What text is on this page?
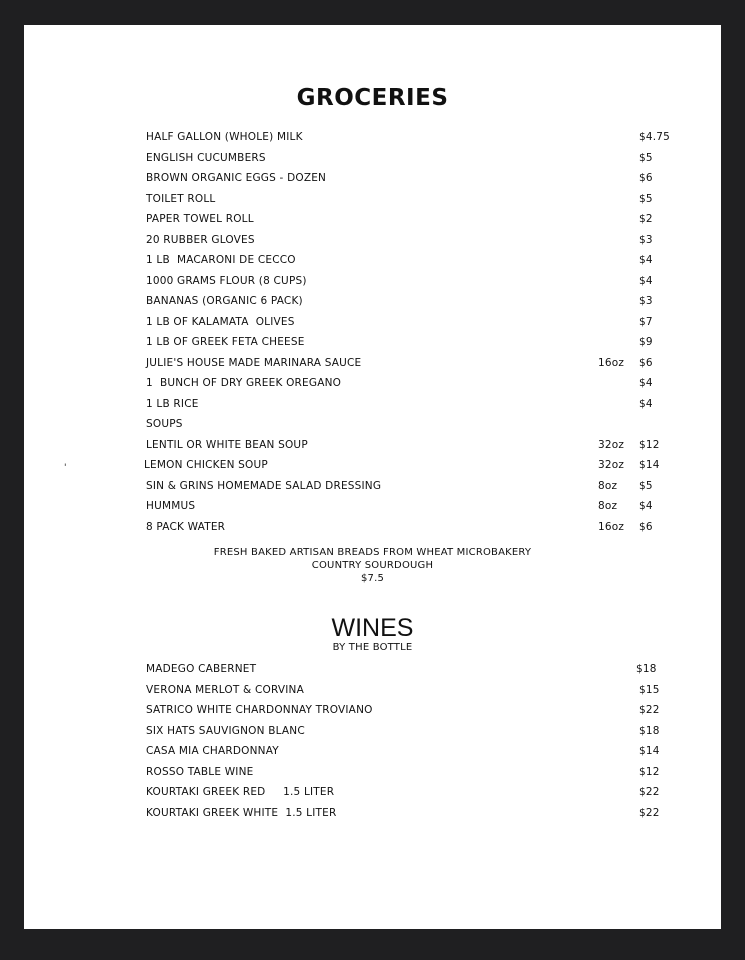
GROCERIES
HALF GALLON (WHOLE) MILK	$4.75
ENGLISH CUCUMBERS	$5
BROWN ORGANIC EGGS - DOZEN	$6
TOILET ROLL	$5
PAPER TOWEL ROLL	$2
20 RUBBER GLOVES	$3
1 LB  MACARONI DE CECCO	$4
1000 GRAMS FLOUR (8 CUPS)	$4
BANANAS (ORGANIC 6 PACK)	$3
1 LB OF KALAMATA  OLIVES	$7
1 LB OF GREEK FETA CHEESE	$9
JULIE'S HOUSE MADE MARINARA SAUCE	16oz $6
1  BUNCH OF DRY GREEK OREGANO	$4
1 LB RICE	$4
SOUPS
LENTIL OR WHITE BEAN SOUP	32oz $12
LEMON CHICKEN SOUP	32oz $14
SIN & GRINS HOMEMADE SALAD DRESSING	8oz $5
HUMMUS	8oz $4
8 PACK WATER	16oz $6
'
FRESH BAKED ARTISAN BREADS FROM WHEAT MICROBAKERY
COUNTRY SOURDOUGH
$7.5
WINES
BY THE BOTTLE
MADEGO CABERNET	$18
VERONA MERLOT & CORVINA	$15
SATRICO WHITE CHARDONNAY TROVIANO	$22
SIX HATS SAUVIGNON BLANC	$18
CASA MIA CHARDONNAY	$14
ROSSO TABLE WINE	$12
KOURTAKI GREEK RED     1.5 LITER	$22
KOURTAKI GREEK WHITE  1.5 LITER	$22
